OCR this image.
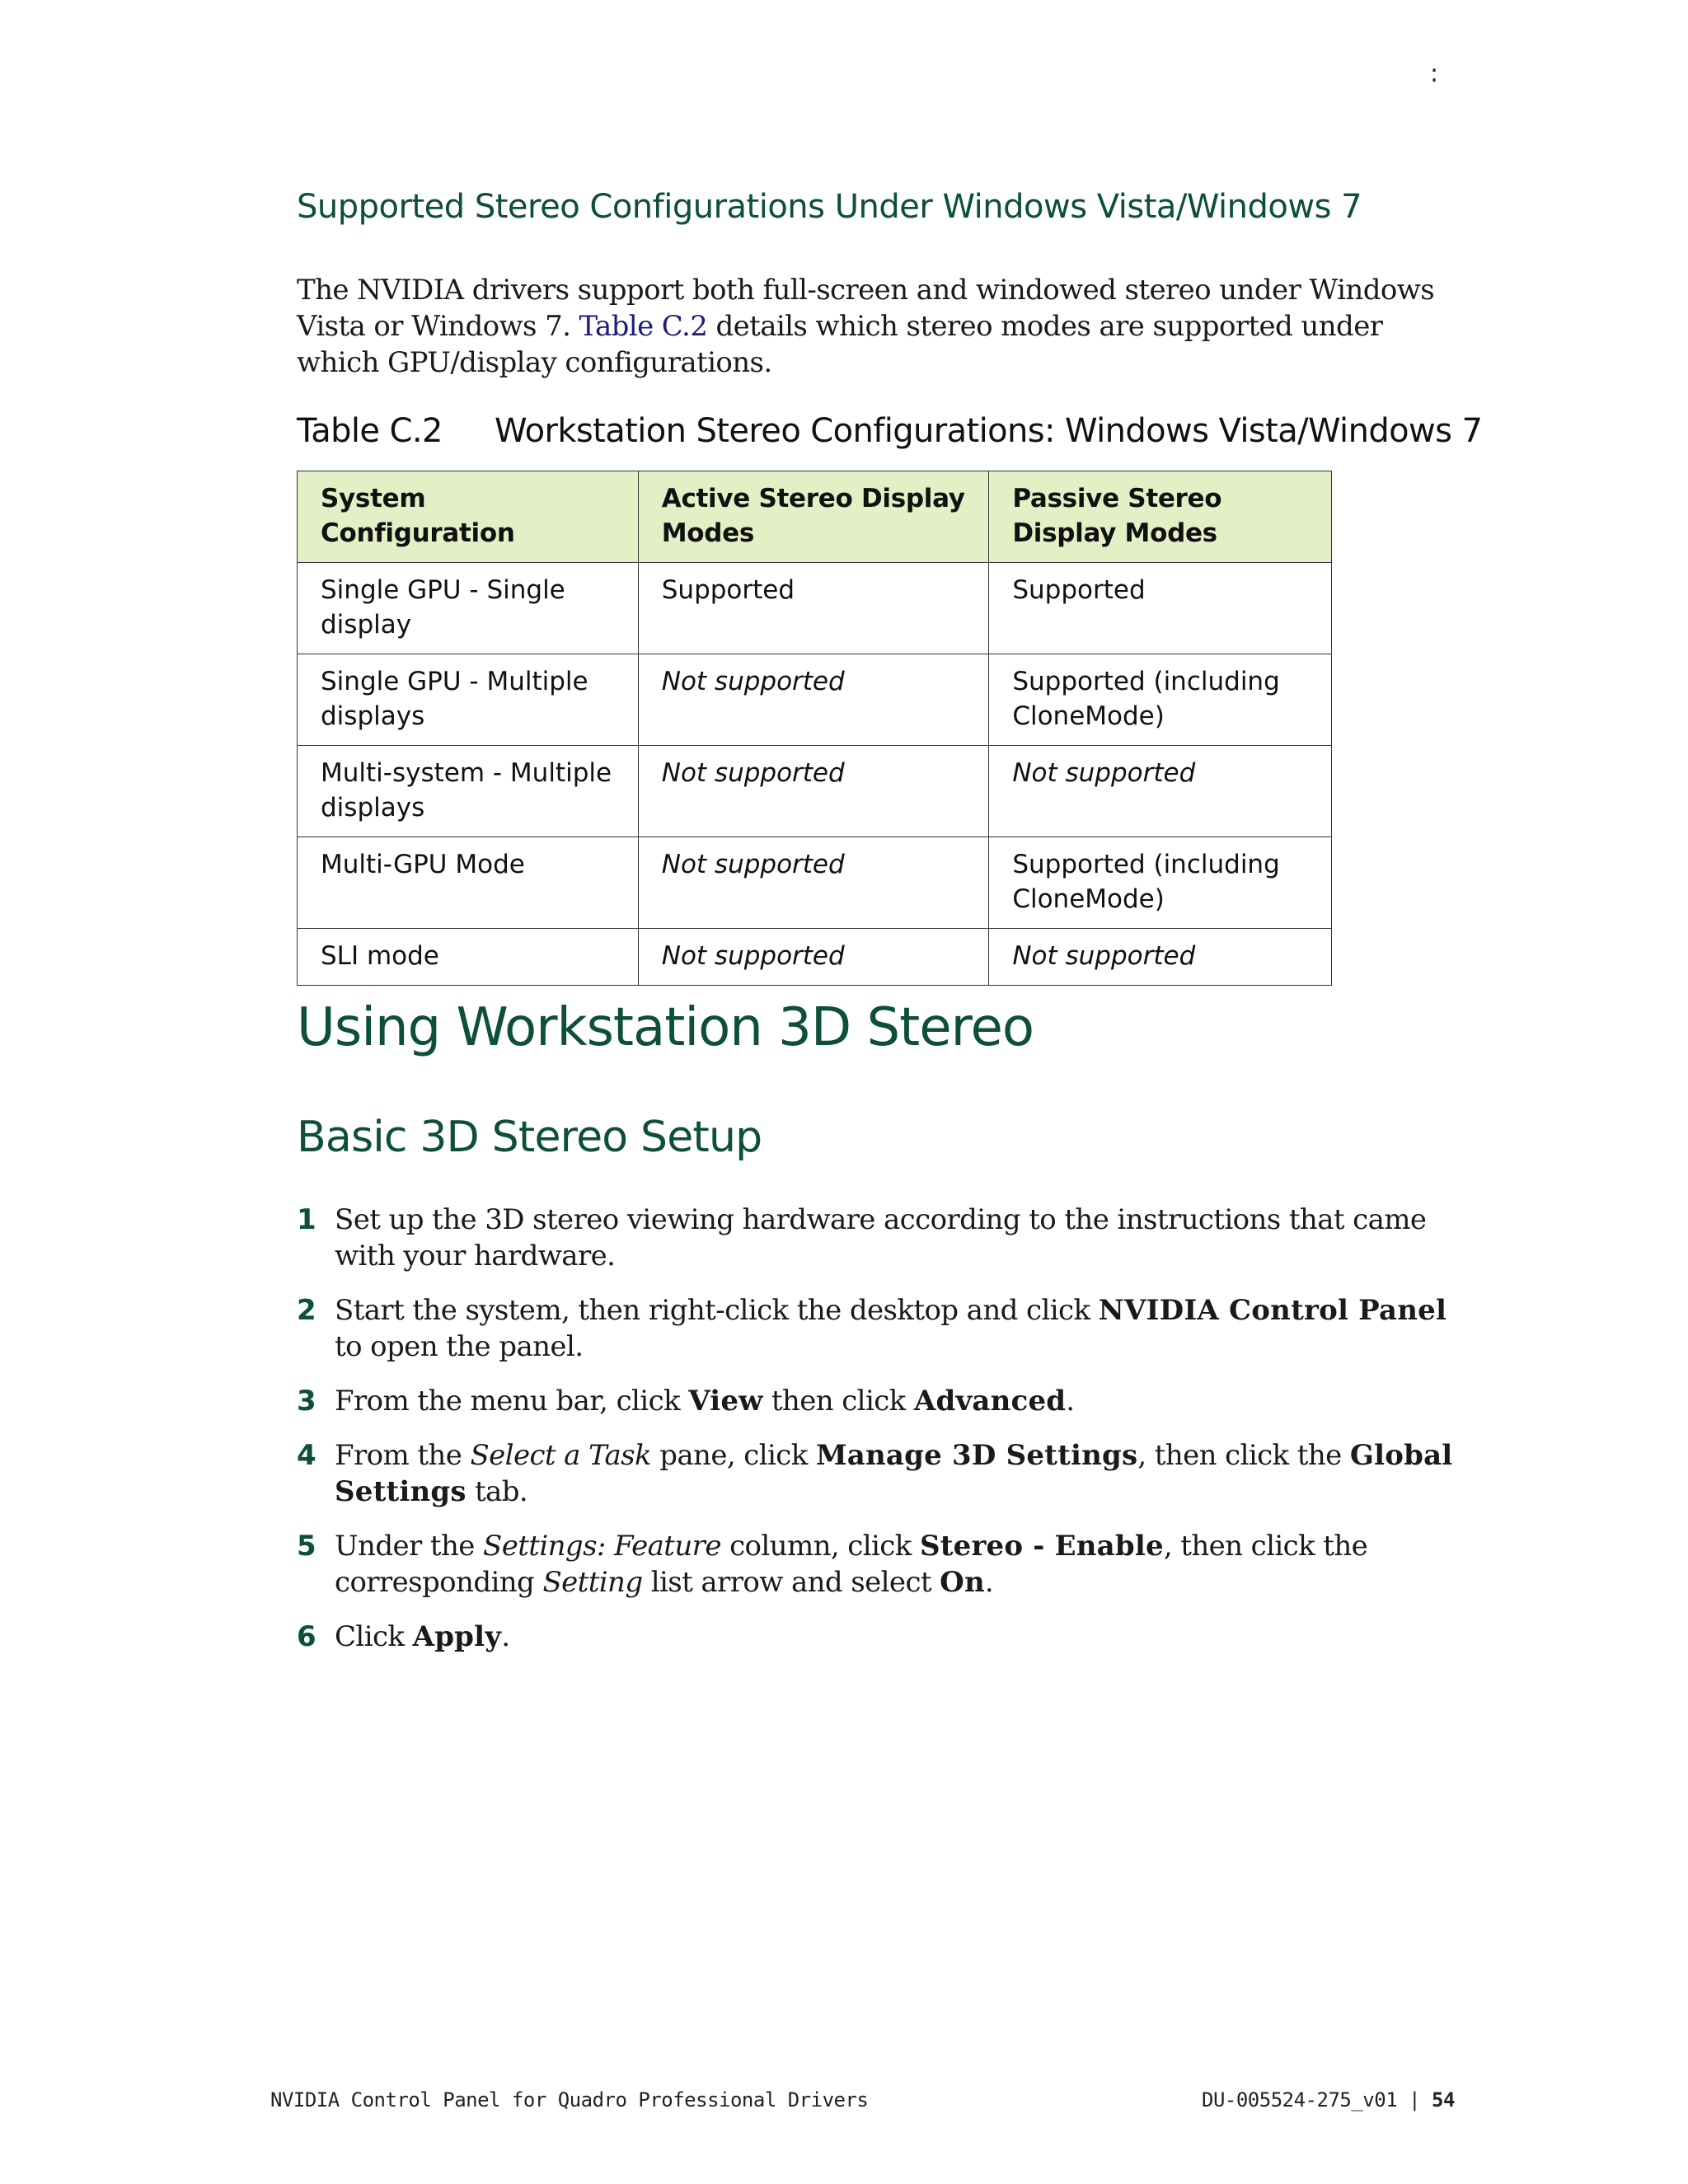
:
Supported Stereo Configurations Under Windows Vista/Windows 7

The NVIDIA drivers support both full-screen and windowed stereo under Windows Vista or Windows 7. Table C.2 details which stereo modes are supported under which GPU/display configurations.

Table C.2 Workstation Stereo Configurations: Windows Vista/Windows 7
System Configuration	Active Stereo Display Modes	Passive Stereo Display Modes
Single GPU - Single display	Supported	Supported
Single GPU - Multiple displays	Not supported	Supported (including CloneMode)
Multi-system - Multiple displays	Not supported	Not supported
Multi-GPU Mode	Not supported	Supported (including CloneMode)
SLI mode	Not supported	Not supported
Using Workstation 3D Stereo
Basic 3D Stereo Setup
1 Set up the 3D stereo viewing hardware according to the instructions that came with your hardware.
2 Start the system, then right-click the desktop and click NVIDIA Control Panel to open the panel.
3 From the menu bar, click View then click Advanced.
4 From the Select a Task pane, click Manage 3D Settings, then click the Global Settings tab.
5 Under the Settings: Feature column, click Stereo - Enable, then click the corresponding Setting list arrow and select On.
6 Click Apply.
NVIDIA Control Panel for Quadro Professional Drivers	DU-005524-275_v01 | 54
